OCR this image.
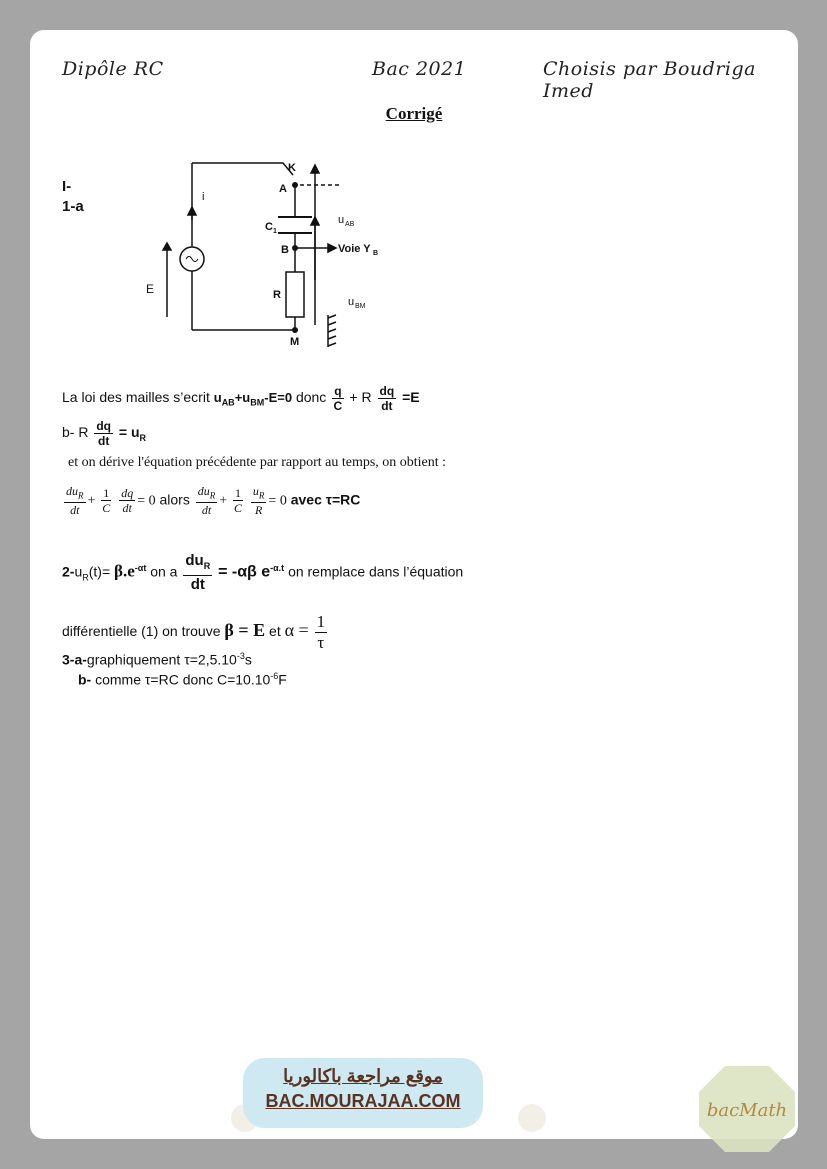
Dipôle RC	Bac 2021	Choisis par Boudriga Imed
Corrigé
I-
1-a
K
A
B
M
C 1
R
Voie Y B
i
E
u AB
u BM
La loi des mailles s’ecrit $u_{AB}+u_{BM}-E=0$ donc $\frac{q}{C} + R \frac{dq}{dt} =E$
b- R $\frac{dq}{dt} = u_R$
et on dérive l'équation précédente par rapport au temps, on obtient :
$\frac{du_R}{dt} + \frac{1}{C}$
$\frac{dq}{dt} = 0$ alors $\frac{du_R}{dt} + \frac{1}{C}$
$\frac{u_R}{R} = 0$ avec τ=RC
$2-u_R(t)= \beta.e^{-\alpha t}$ on a $\frac{du_R}{dt} = -\alpha\beta$ $e^{-\alpha.t}$ on remplace dans l’équation
différentielle (1) on trouve β = E et $\alpha = \frac{1}{\tau}$
3-a-graphiquement $\tau=2,5.10^{-3}s$
b- comme τ=RC donc $C=10.10^{-6}F$
موقع مراجعة باكالوريا
BAC.MOURAJAA.COM	bacMath
